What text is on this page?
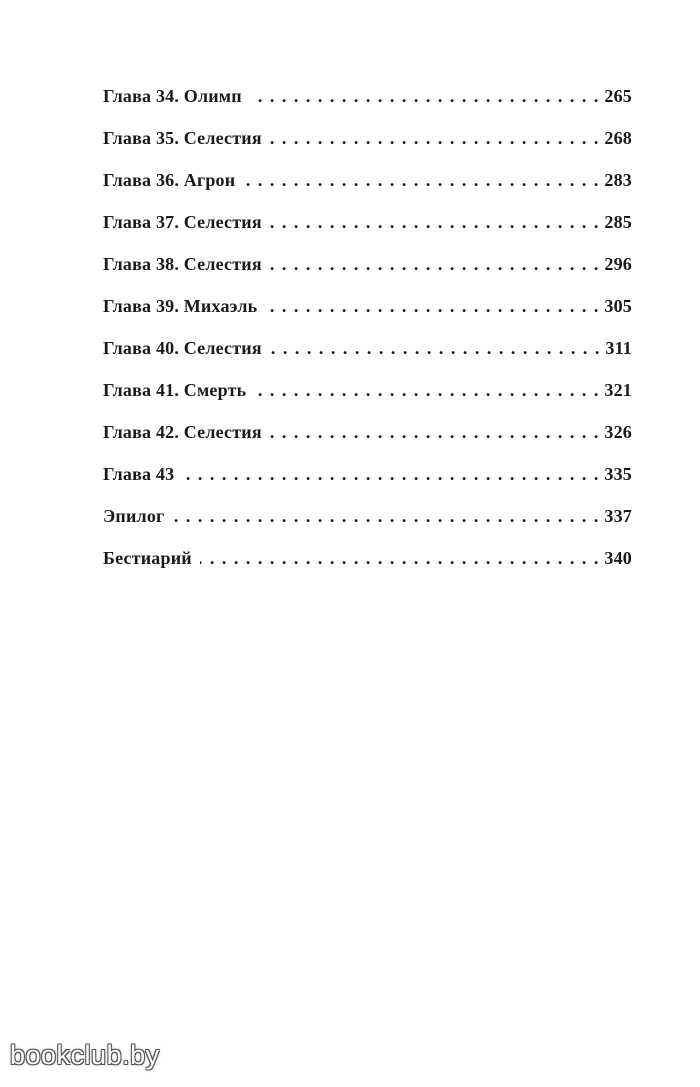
Глава 34. Олимп . . .	265
Глава 35. Селестия . . .	268
Глава 36. Агрон . . .	283
Глава 37. Селестия . . .	285
Глава 38. Селестия . . .	296
Глава 39. Михаэль . . .	305
Глава 40. Селестия . . .	311
Глава 41. Смерть . . .	321
Глава 42. Селестия . . .	326
Глава 43 . . .	335
Эпилог . . .	337
Бестиарий . . .	340
bookclub.by
